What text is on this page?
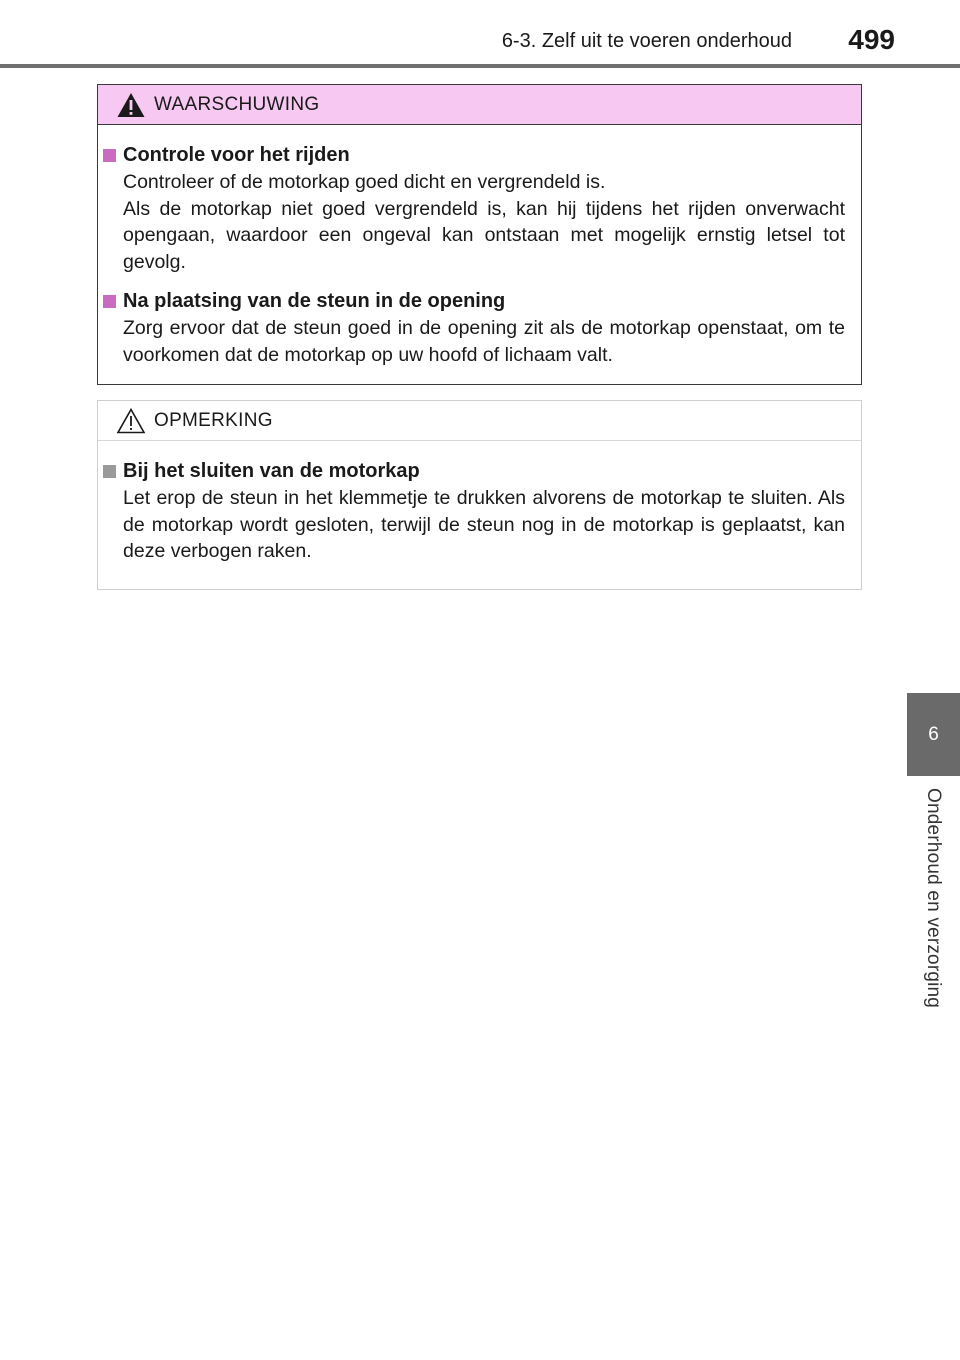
6-3. Zelf uit te voeren onderhoud	499
6
Onderhoud en verzorging
WAARSCHUWING
Controle voor het rijden
Controleer of de motorkap goed dicht en vergrendeld is.
Als de motorkap niet goed vergrendeld is, kan hij tijdens het rijden onverwacht opengaan, waardoor een ongeval kan ontstaan met mogelijk ernstig letsel tot gevolg.
Na plaatsing van de steun in de opening
Zorg ervoor dat de steun goed in de opening zit als de motorkap openstaat, om te voorkomen dat de motorkap op uw hoofd of lichaam valt.
OPMERKING
Bij het sluiten van de motorkap
Let erop de steun in het klemmetje te drukken alvorens de motorkap te sluiten. Als de motorkap wordt gesloten, terwijl de steun nog in de motorkap is geplaatst, kan deze verbogen raken.
